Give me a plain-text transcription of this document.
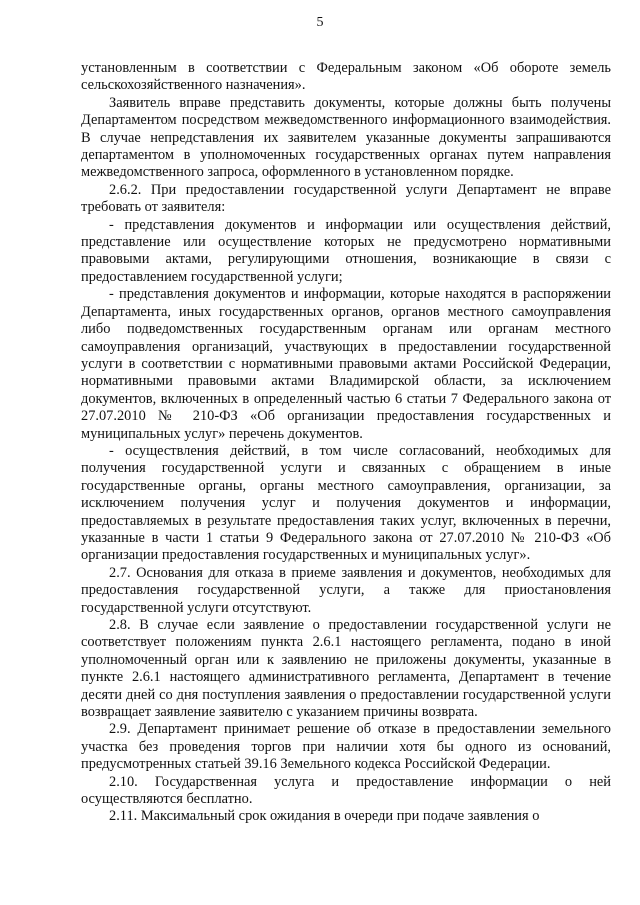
5

установленным в соответствии с Федеральным законом «Об обороте земель сельскохозяйственного назначения».

Заявитель вправе представить документы, которые должны быть получены Департаментом посредством межведомственного информационного взаимодействия. В случае непредставления их заявителем указанные документы запрашиваются департаментом в уполномоченных государственных органах путем направления межведомственного запроса, оформленного в установленном порядке.

2.6.2. При предоставлении государственной услуги Департамент не вправе требовать от заявителя:

- представления документов и информации или осуществления действий, представление или осуществление которых не предусмотрено нормативными правовыми актами, регулирующими отношения, возникающие в связи с предоставлением государственной услуги;

- представления документов и информации, которые находятся в распоряжении Департамента, иных государственных органов, органов местного самоуправления либо подведомственных государственным органам или органам местного самоуправления организаций, участвующих в предоставлении государственной услуги в соответствии с нормативными правовыми актами Российской Федерации, нормативными правовыми актами Владимирской области, за исключением документов, включенных в определенный частью 6 статьи 7 Федерального закона от 27.07.2010 № 210-ФЗ «Об организации предоставления государственных и муниципальных услуг» перечень документов.

- осуществления действий, в том числе согласований, необходимых для получения государственной услуги и связанных с обращением в иные государственные органы, органы местного самоуправления, организации, за исключением получения услуг и получения документов и информации, предоставляемых в результате предоставления таких услуг, включенных в перечни, указанные в части 1 статьи 9 Федерального закона от 27.07.2010 № 210-ФЗ «Об организации предоставления государственных и муниципальных услуг».

2.7. Основания для отказа в приеме заявления и документов, необходимых для предоставления государственной услуги, а также для приостановления государственной услуги отсутствуют.

2.8. В случае если заявление о предоставлении государственной услуги не соответствует положениям пункта 2.6.1 настоящего регламента, подано в иной уполномоченный орган или к заявлению не приложены документы, указанные в пункте 2.6.1 настоящего административного регламента, Департамент в течение десяти дней со дня поступления заявления о предоставлении государственной услуги возвращает заявление заявителю с указанием причины возврата.

2.9. Департамент принимает решение об отказе в предоставлении земельного участка без проведения торгов при наличии хотя бы одного из оснований, предусмотренных статьей 39.16 Земельного кодекса Российской Федерации.

2.10. Государственная услуга и предоставление информации о ней осуществляются бесплатно.

2.11. Максимальный срок ожидания в очереди при подаче заявления о
